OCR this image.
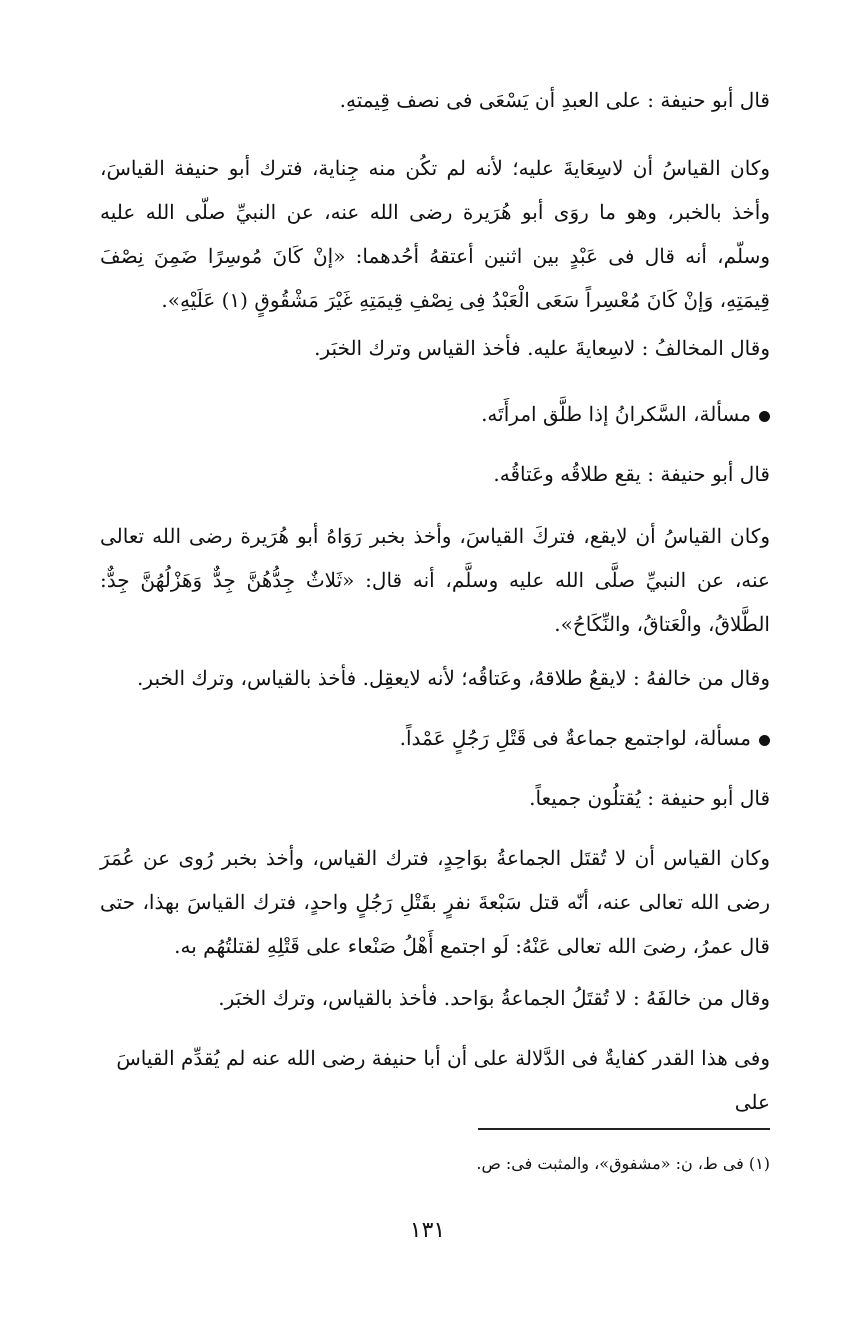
قال أبو حنيفة : على العبدِ أن يَسْعَى فى نصف قِيمتهِ.

وكان القياسُ أن لاسِعَايةَ عليه؛ لأنه لم تكُن منه جِناية، فترك أبو حنيفة القياسَ، وأخذ بالخبر، وهو ما روَى أبو هُرَيرة رضى الله عنه، عن النبيِّ صلّى الله عليه وسلّم، أنه قال فى عَبْدٍ بين اثنين أعتقهُ أحُدهما: «إنْ كَانَ مُوسِرًا ضَمِنَ نِصْفَ قِيمَتِهِ، وَإنْ كَانَ مُعْسِراً سَعَى الْعَبْدُ فِى نِصْفِ قِيمَتِهِ غَيْرَ مَشْقُوقٍ (١) عَلَيْهِ».

وقال المخالفُ : لاسِعايةَ عليه. فأخذ القياس وترك الخبَر.

مسألة، السَّكرانُ إذا طلَّق امرأَتَه.

قال أبو حنيفة : يقع طلاقُه وعَتاقُه.

وكان القياسُ أن لايقع، فتركَ القياسَ، وأخذ بخبر رَوَاهُ أبو هُرَيرة رضى الله تعالى عنه، عن النبيِّ صلَّى الله عليه وسلَّم، أنه قال: «ثَلاثٌ جِدُّهُنَّ جِدٌّ وَهَزْلُهُنَّ جِدٌّ: الطَّلاقُ، والْعَتاقُ، والنِّكَاحُ».

وقال من خالفهُ : لايقعُ طلاقهُ، وعَتاقُه؛ لأنه لايعقِل. فأخذ بالقياس، وترك الخبر.

مسألة، لواجتمع جماعةٌ فى قَتْلِ رَجُلٍ عَمْداً.

قال أبو حنيفة : يُقتلُون جميعاً.

وكان القياس أن لا تُقتَل الجماعةُ بوَاحِدٍ، فترك القياس، وأخذ بخبر رُوى عن عُمَرَ رضى الله تعالى عنه، أنّه قتل سَبْعةَ نفرٍ بقَتْلِ رَجُلٍ واحدٍ، فترك القياسَ بهذا، حتى قال عمرُ، رضىَ الله تعالى عَنْهُ: لَو اجتمع أَهْلُ صَنْعاء على قَتْلِهِ لقتلتُهُم به.

وقال من خالفَهُ : لا تُقتَلُ الجماعةُ بوَاحد. فأخذ بالقياس، وترك الخبَر.

وفى هذا القدر كفايةٌ فى الدَّلالة على أن أبا حنيفة رضى الله عنه لم يُقدِّم القياسَ على

(١) فى ط، ن: «مشفوق»، والمثبت فى: ص.

١٣١
